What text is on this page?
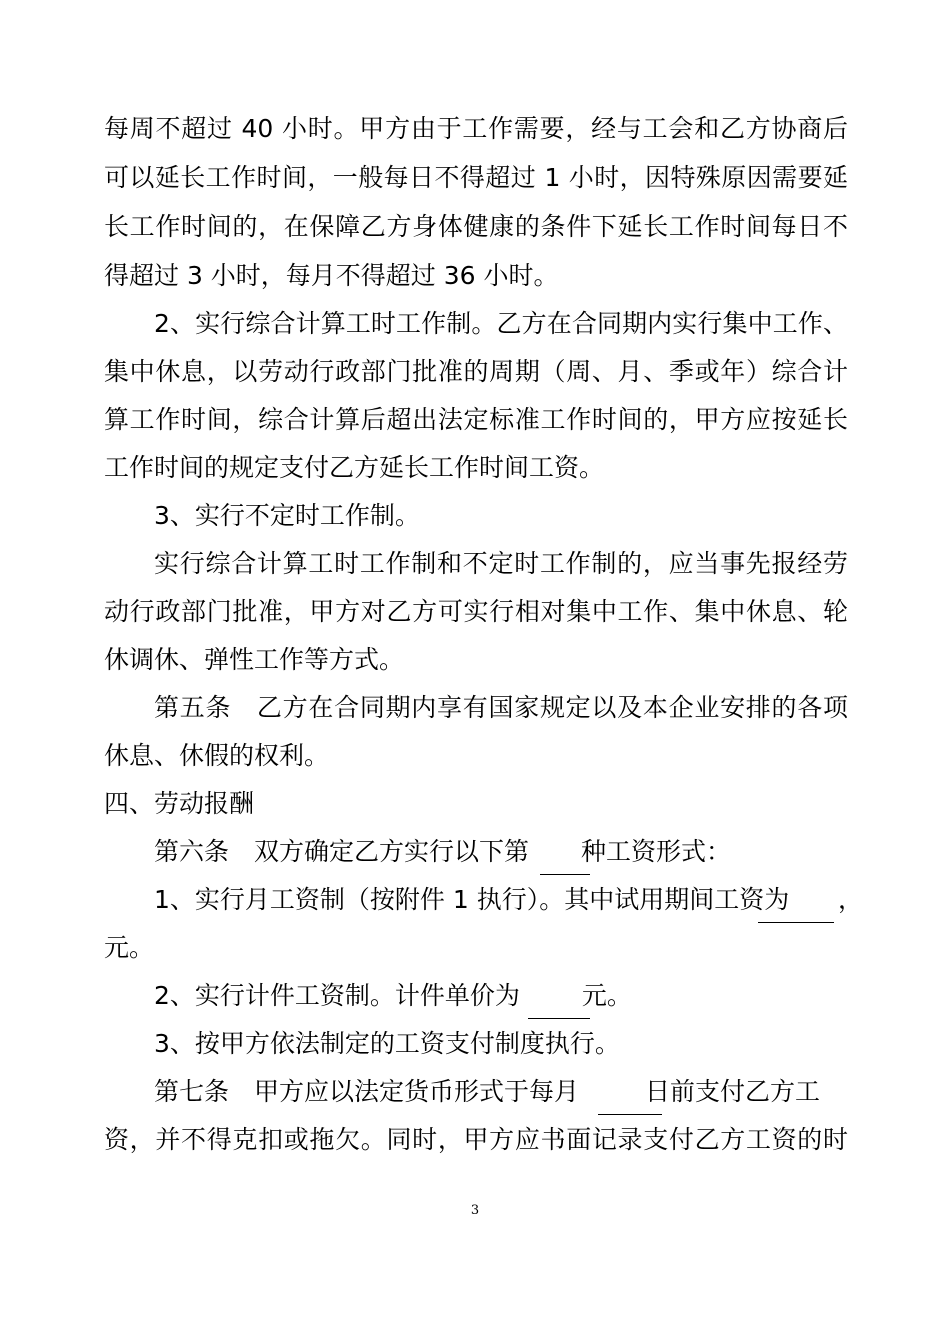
每周不超过 40 小时。甲方由于工作需要，经与工会和乙方协商后
可以延长工作时间，一般每日不得超过 1 小时，因特殊原因需要延
长工作时间的，在保障乙方身体健康的条件下延长工作时间每日不
得超过 3 小时，每月不得超过 36 小时。
2、实行综合计算工时工作制。乙方在合同期内实行集中工作、
集中休息，以劳动行政部门批准的周期（周、月、季或年）综合计
算工作时间，综合计算后超出法定标准工作时间的，甲方应按延长
工作时间的规定支付乙方延长工作时间工资。
3、实行不定时工作制。
实行综合计算工时工作制和不定时工作制的，应当事先报经劳
动行政部门批准，甲方对乙方可实行相对集中工作、集中休息、轮
休调休、弹性工作等方式。
第五条　乙方在合同期内享有国家规定以及本企业安排的各项
休息、休假的权利。
四、劳动报酬
第六条　双方确定乙方实行以下第 种工资形式：
1、实行月工资制（按附件 1 执行）。其中试用期间工资为	，
元。
2、实行计件工资制。计件单价为 元。
3、按甲方依法制定的工资支付制度执行。
第七条　甲方应以法定货币形式于每月	日前支付乙方工
资，并不得克扣或拖欠。同时，甲方应书面记录支付乙方工资的时
3
